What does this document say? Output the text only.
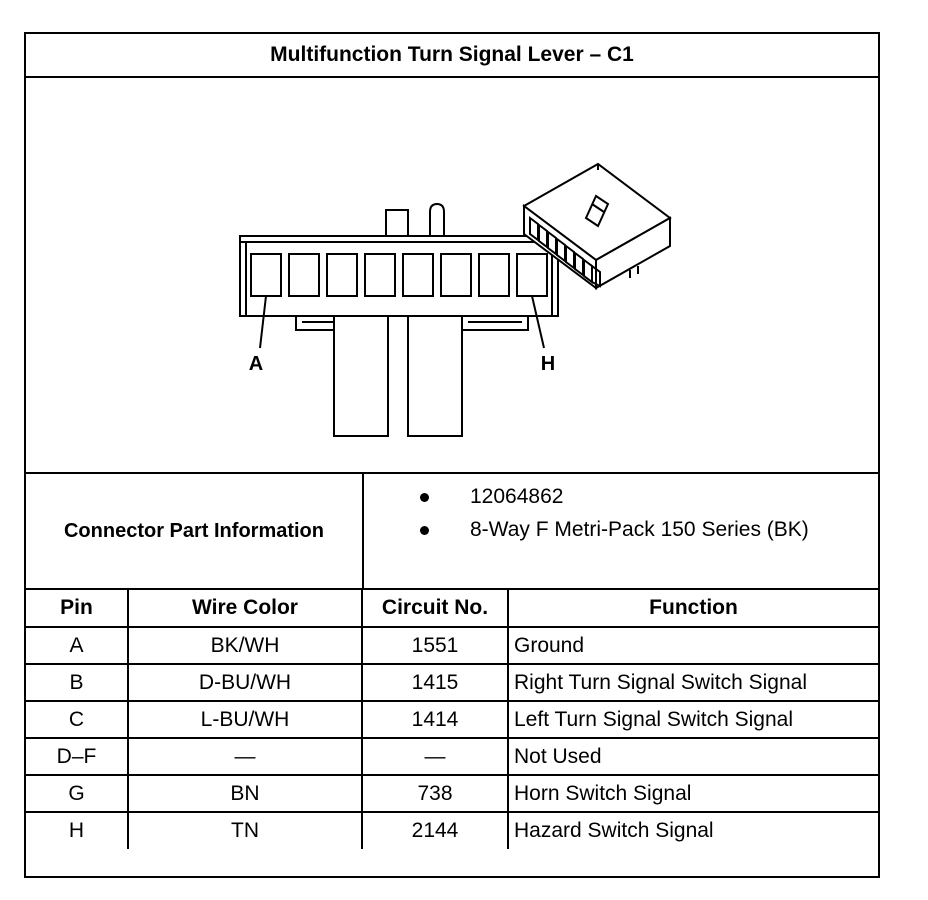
Multifunction Turn Signal Lever – C1
A	H
Connector Part Information
12064862
8-Way F Metri-Pack 150 Series (BK)
Pin	Wire Color	Circuit No.	Function
A	BK/WH	1551	Ground
B	D-BU/WH	1415	Right Turn Signal Switch Signal
C	L-BU/WH	1414	Left Turn Signal Switch Signal
D–F	—	—	Not Used
G	BN	738	Horn Switch Signal
H	TN	2144	Hazard Switch Signal
